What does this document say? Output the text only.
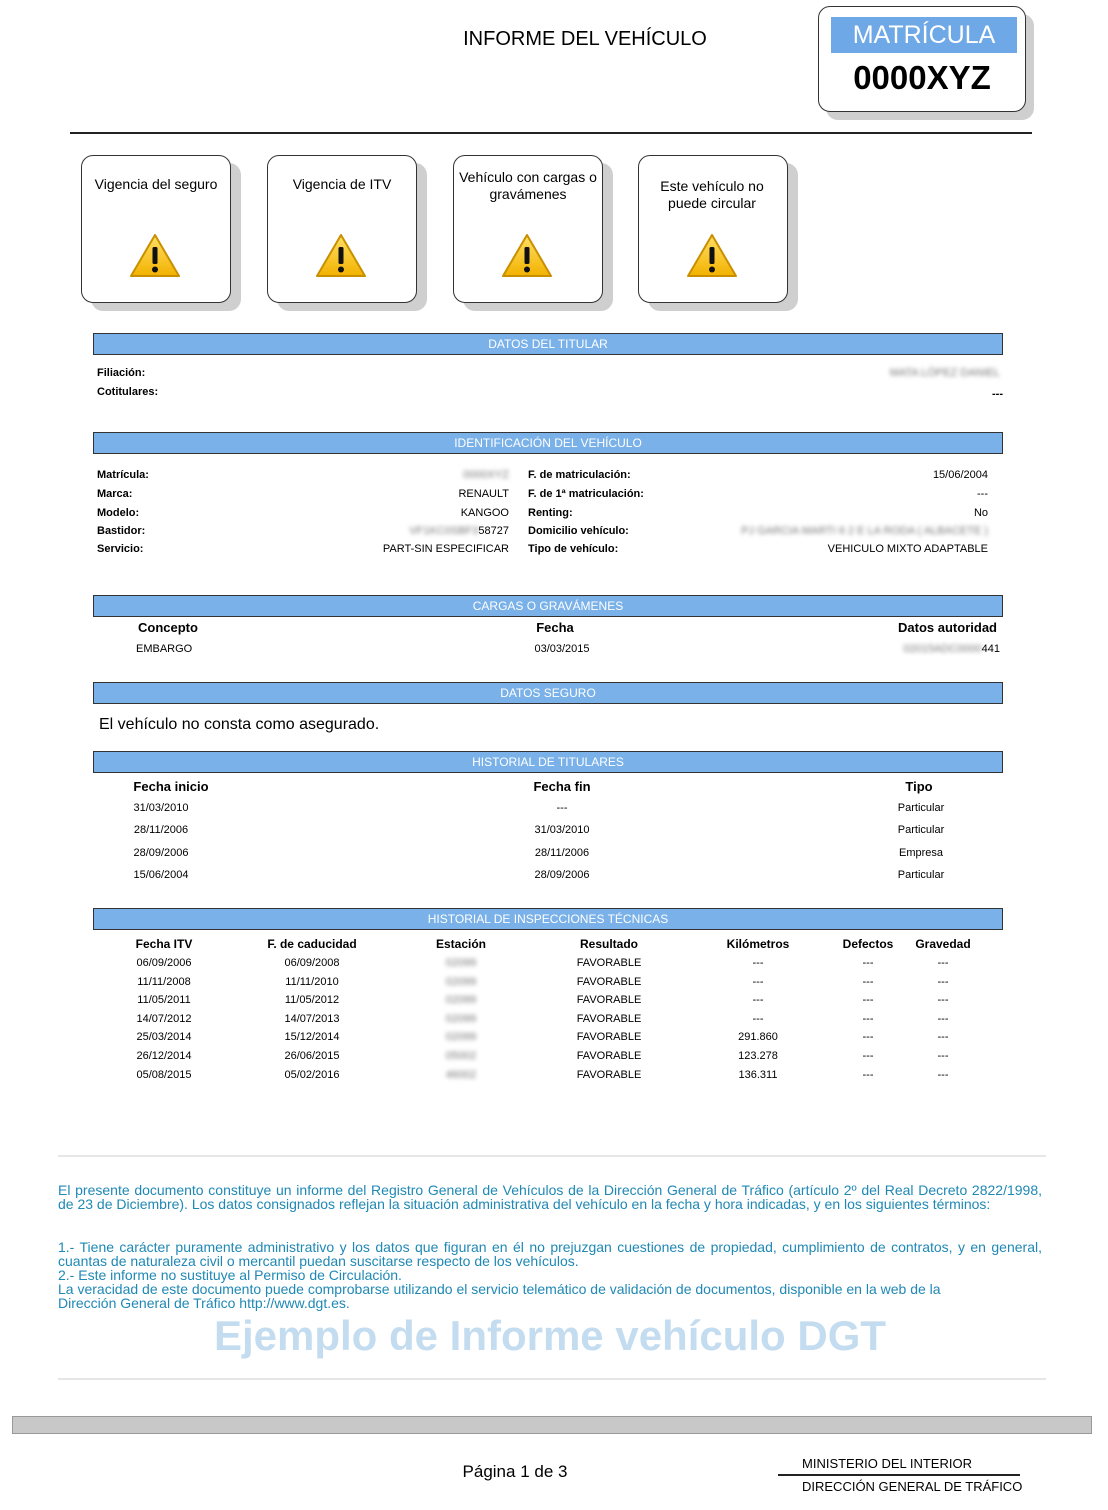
INFORME DEL VEHÍCULO	MATRÍCULA
0000XYZ
Vigencia del seguro	Vigencia de ITV	Vehículo con cargas o gravámenes	Este vehículo no puede circular
DATOS DEL TITULAR
Filiación:	MATA LÓPEZ DANIEL
Cotitulares:	---
IDENTIFICACIÓN DEL VEHÍCULO
Matrícula:	0000XYZ
Marca:	RENAULT
Modelo:	KANGOO
Bastidor:	VF1KC0SBF358727
Servicio:	PART-SIN ESPECIFICAR
F. de matriculación:	15/06/2004
F. de 1ª matriculación:	---
Renting:	No
Domicilio vehículo:	PJ GARCIA MARTI 6 2 E LA RODA ( ALBACETE )
Tipo de vehículo:	VEHICULO MIXTO ADAPTABLE
CARGAS O GRAVÁMENES
Concepto	Fecha	Datos autoridad
EMBARGO	03/03/2015	02015ADC0000441
DATOS SEGURO
El vehículo no consta como asegurado.
HISTORIAL DE TITULARES
Fecha inicio	Fecha fin	Tipo
31/03/2010	---	Particular
28/11/2006	31/03/2010	Particular
28/09/2006	28/11/2006	Empresa
15/06/2004	28/09/2006	Particular
HISTORIAL DE INSPECCIONES TÉCNICAS
Fecha ITV	F. de caducidad	Estación	Resultado	Kilómetros	Defectos	Gravedad
06/09/2006	06/09/2008	02099	FAVORABLE	---	---	---
11/11/2008	11/11/2010	02099	FAVORABLE	---	---	---
11/05/2011	11/05/2012	02099	FAVORABLE	---	---	---
14/07/2012	14/07/2013	02099	FAVORABLE	---	---	---
25/03/2014	15/12/2014	02099	FAVORABLE	291.860	---	---
26/12/2014	26/06/2015	05002	FAVORABLE	123.278	---	---
05/08/2015	05/02/2016	46002	FAVORABLE	136.311	---	---
El presente documento constituye un informe del Registro General de Vehículos de la Dirección General de Tráfico (artículo 2º del Real Decreto 2822/1998, de 23 de Diciembre). Los datos consignados reflejan la situación administrativa del vehículo en la fecha y hora indicadas, y en los siguientes términos:
1.- Tiene carácter puramente administrativo y los datos que figuran en él no prejuzgan cuestiones de propiedad, cumplimiento de contratos, y en general, cuantas de naturaleza civil o mercantil puedan suscitarse respecto de los vehículos.
2.- Este informe no sustituye al Permiso de Circulación.
La veracidad de este documento puede comprobarse utilizando el servicio telemático de validación de documentos, disponible en la web de la
Dirección General de Tráfico http://www.dgt.es.
Ejemplo de Informe vehículo DGT
Página 1 de 3	MINISTERIO DEL INTERIOR
DIRECCIÓN GENERAL DE TRÁFICO
